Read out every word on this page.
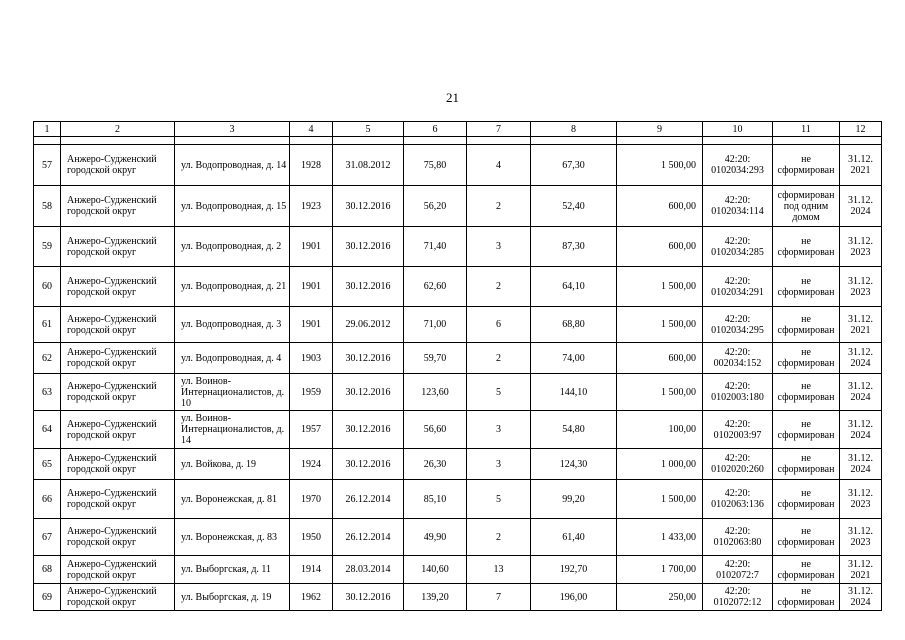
21
1	2	3	4	5	6	7	8	9	10	11	12

57	Анжеро-Судженский городской округ	ул. Водопроводная, д. 14	1928	31.08.2012	75,80	4	67,30	1 500,00	42:20: 0102034:293	не сформирован	31.12. 2021
58	Анжеро-Судженский городской округ	ул. Водопроводная, д. 15	1923	30.12.2016	56,20	2	52,40	600,00	42:20: 0102034:114	сформирован под одним домом	31.12. 2024
59	Анжеро-Судженский городской округ	ул. Водопроводная, д. 2	1901	30.12.2016	71,40	3	87,30	600,00	42:20: 0102034:285	не сформирован	31.12. 2023
60	Анжеро-Судженский городской округ	ул. Водопроводная, д. 21	1901	30.12.2016	62,60	2	64,10	1 500,00	42:20: 0102034:291	не сформирован	31.12. 2023
61	Анжеро-Судженский городской округ	ул. Водопроводная, д. 3	1901	29.06.2012	71,00	6	68,80	1 500,00	42:20: 0102034:295	не сформирован	31.12. 2021
62	Анжеро-Судженский городской округ	ул. Водопроводная, д. 4	1903	30.12.2016	59,70	2	74,00	600,00	42:20: 002034:152	не сформирован	31.12. 2024
63	Анжеро-Судженский городской округ	ул. Воинов-Интернационалистов, д. 10	1959	30.12.2016	123,60	5	144,10	1 500,00	42:20: 0102003:180	не сформирован	31.12. 2024
64	Анжеро-Судженский городской округ	ул. Воинов-Интернационалистов, д. 14	1957	30.12.2016	56,60	3	54,80	100,00	42:20: 0102003:97	не сформирован	31.12. 2024
65	Анжеро-Судженский городской округ	ул. Войкова, д. 19	1924	30.12.2016	26,30	3	124,30	1 000,00	42:20: 0102020:260	не сформирован	31.12. 2024
66	Анжеро-Судженский городской округ	ул. Воронежская, д. 81	1970	26.12.2014	85,10	5	99,20	1 500,00	42:20: 0102063:136	не сформирован	31.12. 2023
67	Анжеро-Судженский городской округ	ул. Воронежская, д. 83	1950	26.12.2014	49,90	2	61,40	1 433,00	42:20: 0102063:80	не сформирован	31.12. 2023
68	Анжеро-Судженский городской округ	ул. Выборгская, д. 11	1914	28.03.2014	140,60	13	192,70	1 700,00	42:20: 0102072:7	не сформирован	31.12. 2021
69	Анжеро-Судженский городской округ	ул. Выборгская, д. 19	1962	30.12.2016	139,20	7	196,00	250,00	42:20: 0102072:12	не сформирован	31.12. 2024
